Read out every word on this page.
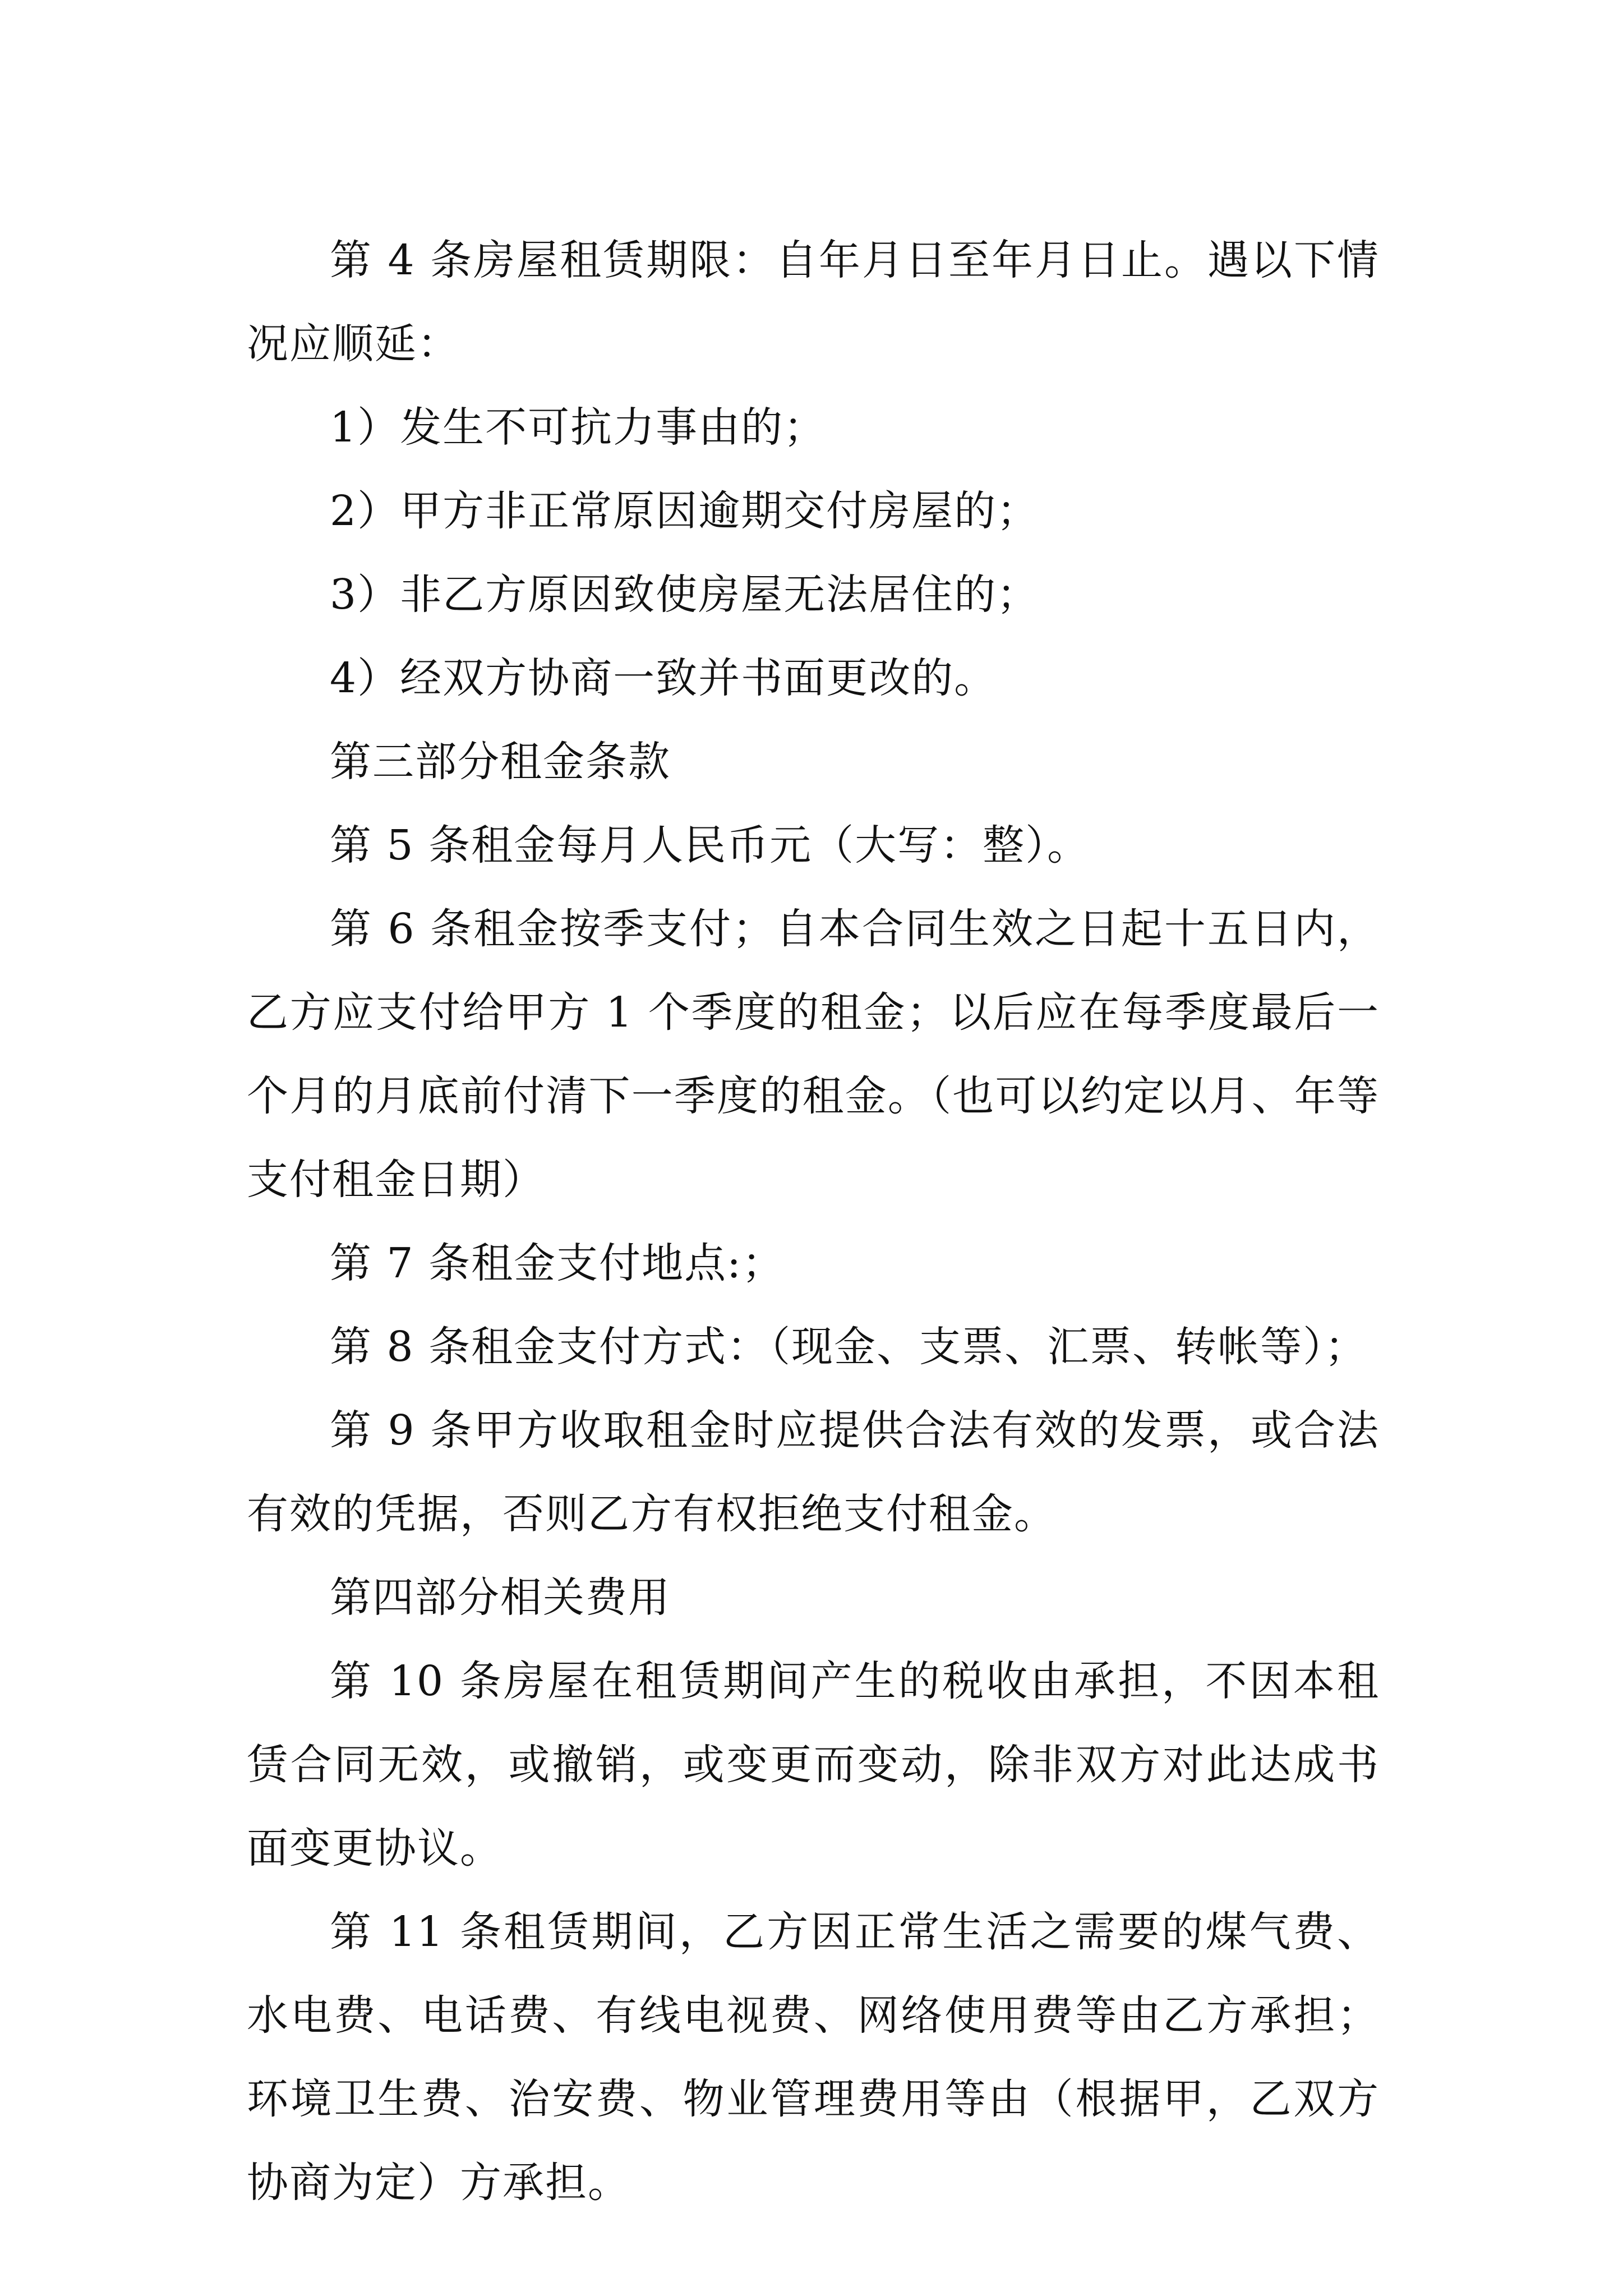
第 4 条房屋租赁期限：自年月日至年月日止。遇以下情况应顺延：

1）发生不可抗力事由的；

2）甲方非正常原因逾期交付房屋的；

3）非乙方原因致使房屋无法居住的；

4）经双方协商一致并书面更改的。

第三部分租金条款

第 5 条租金每月人民币元（大写：整）。

第 6 条租金按季支付；自本合同生效之日起十五日内，乙方应支付给甲方 1 个季度的租金；以后应在每季度最后一个月的月底前付清下一季度的租金。（也可以约定以月、年等支付租金日期）

第 7 条租金支付地点:；

第 8 条租金支付方式：（现金、支票、汇票、转帐等）；

第 9 条甲方收取租金时应提供合法有效的发票，或合法有效的凭据，否则乙方有权拒绝支付租金。

第四部分相关费用

第 10 条房屋在租赁期间产生的税收由承担，不因本租赁合同无效，或撤销，或变更而变动，除非双方对此达成书面变更协议。

第 11 条租赁期间，乙方因正常生活之需要的煤气费、水电费、电话费、有线电视费、网络使用费等由乙方承担；环境卫生费、治安费、物业管理费用等由（根据甲，乙双方协商为定）方承担。
